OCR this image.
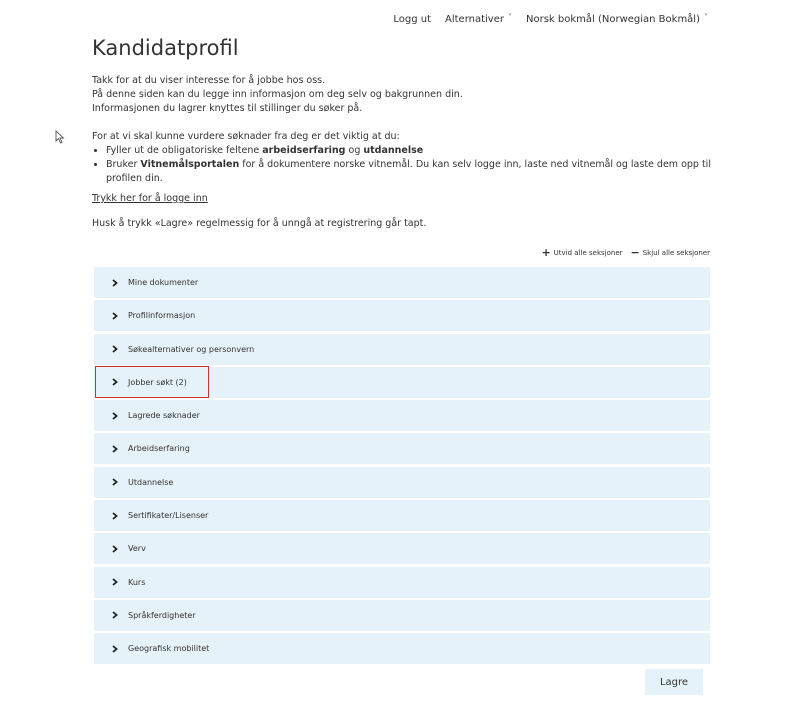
Logg ut Alternativer ˅ Norsk bokmål (Norwegian Bokmål) ˅
Kandidatprofil

Takk for at du viser interesse for å jobbe hos oss.

På denne siden kan du legge inn informasjon om deg selv og bakgrunnen din.

Informasjonen du lagrer knyttes til stillinger du søker på.

For at vi skal kunne vurdere søknader fra deg er det viktig at du:

• Fyller ut de obligatoriske feltene arbeidserfaring og utdannelse
• Bruker Vitnemålsportalen for å dokumentere norske vitnemål. Du kan selv logge inn, laste ned vitnemål og laste dem opp til profilen din.
Trykk her for å logge inn

Husk å trykk «Lagre» regelmessig for å unngå at registrering går tapt.

+ Utvid alle seksjoner − Skjul alle seksjoner
Mine dokumenter
Profilinformasjon
Søkealternativer og personvern
Jobber søkt (2)
Lagrede søknader
Arbeidserfaring
Utdannelse
Sertifikater/Lisenser
Verv
Kurs
Språkferdigheter
Geografisk mobilitet
Lagre
